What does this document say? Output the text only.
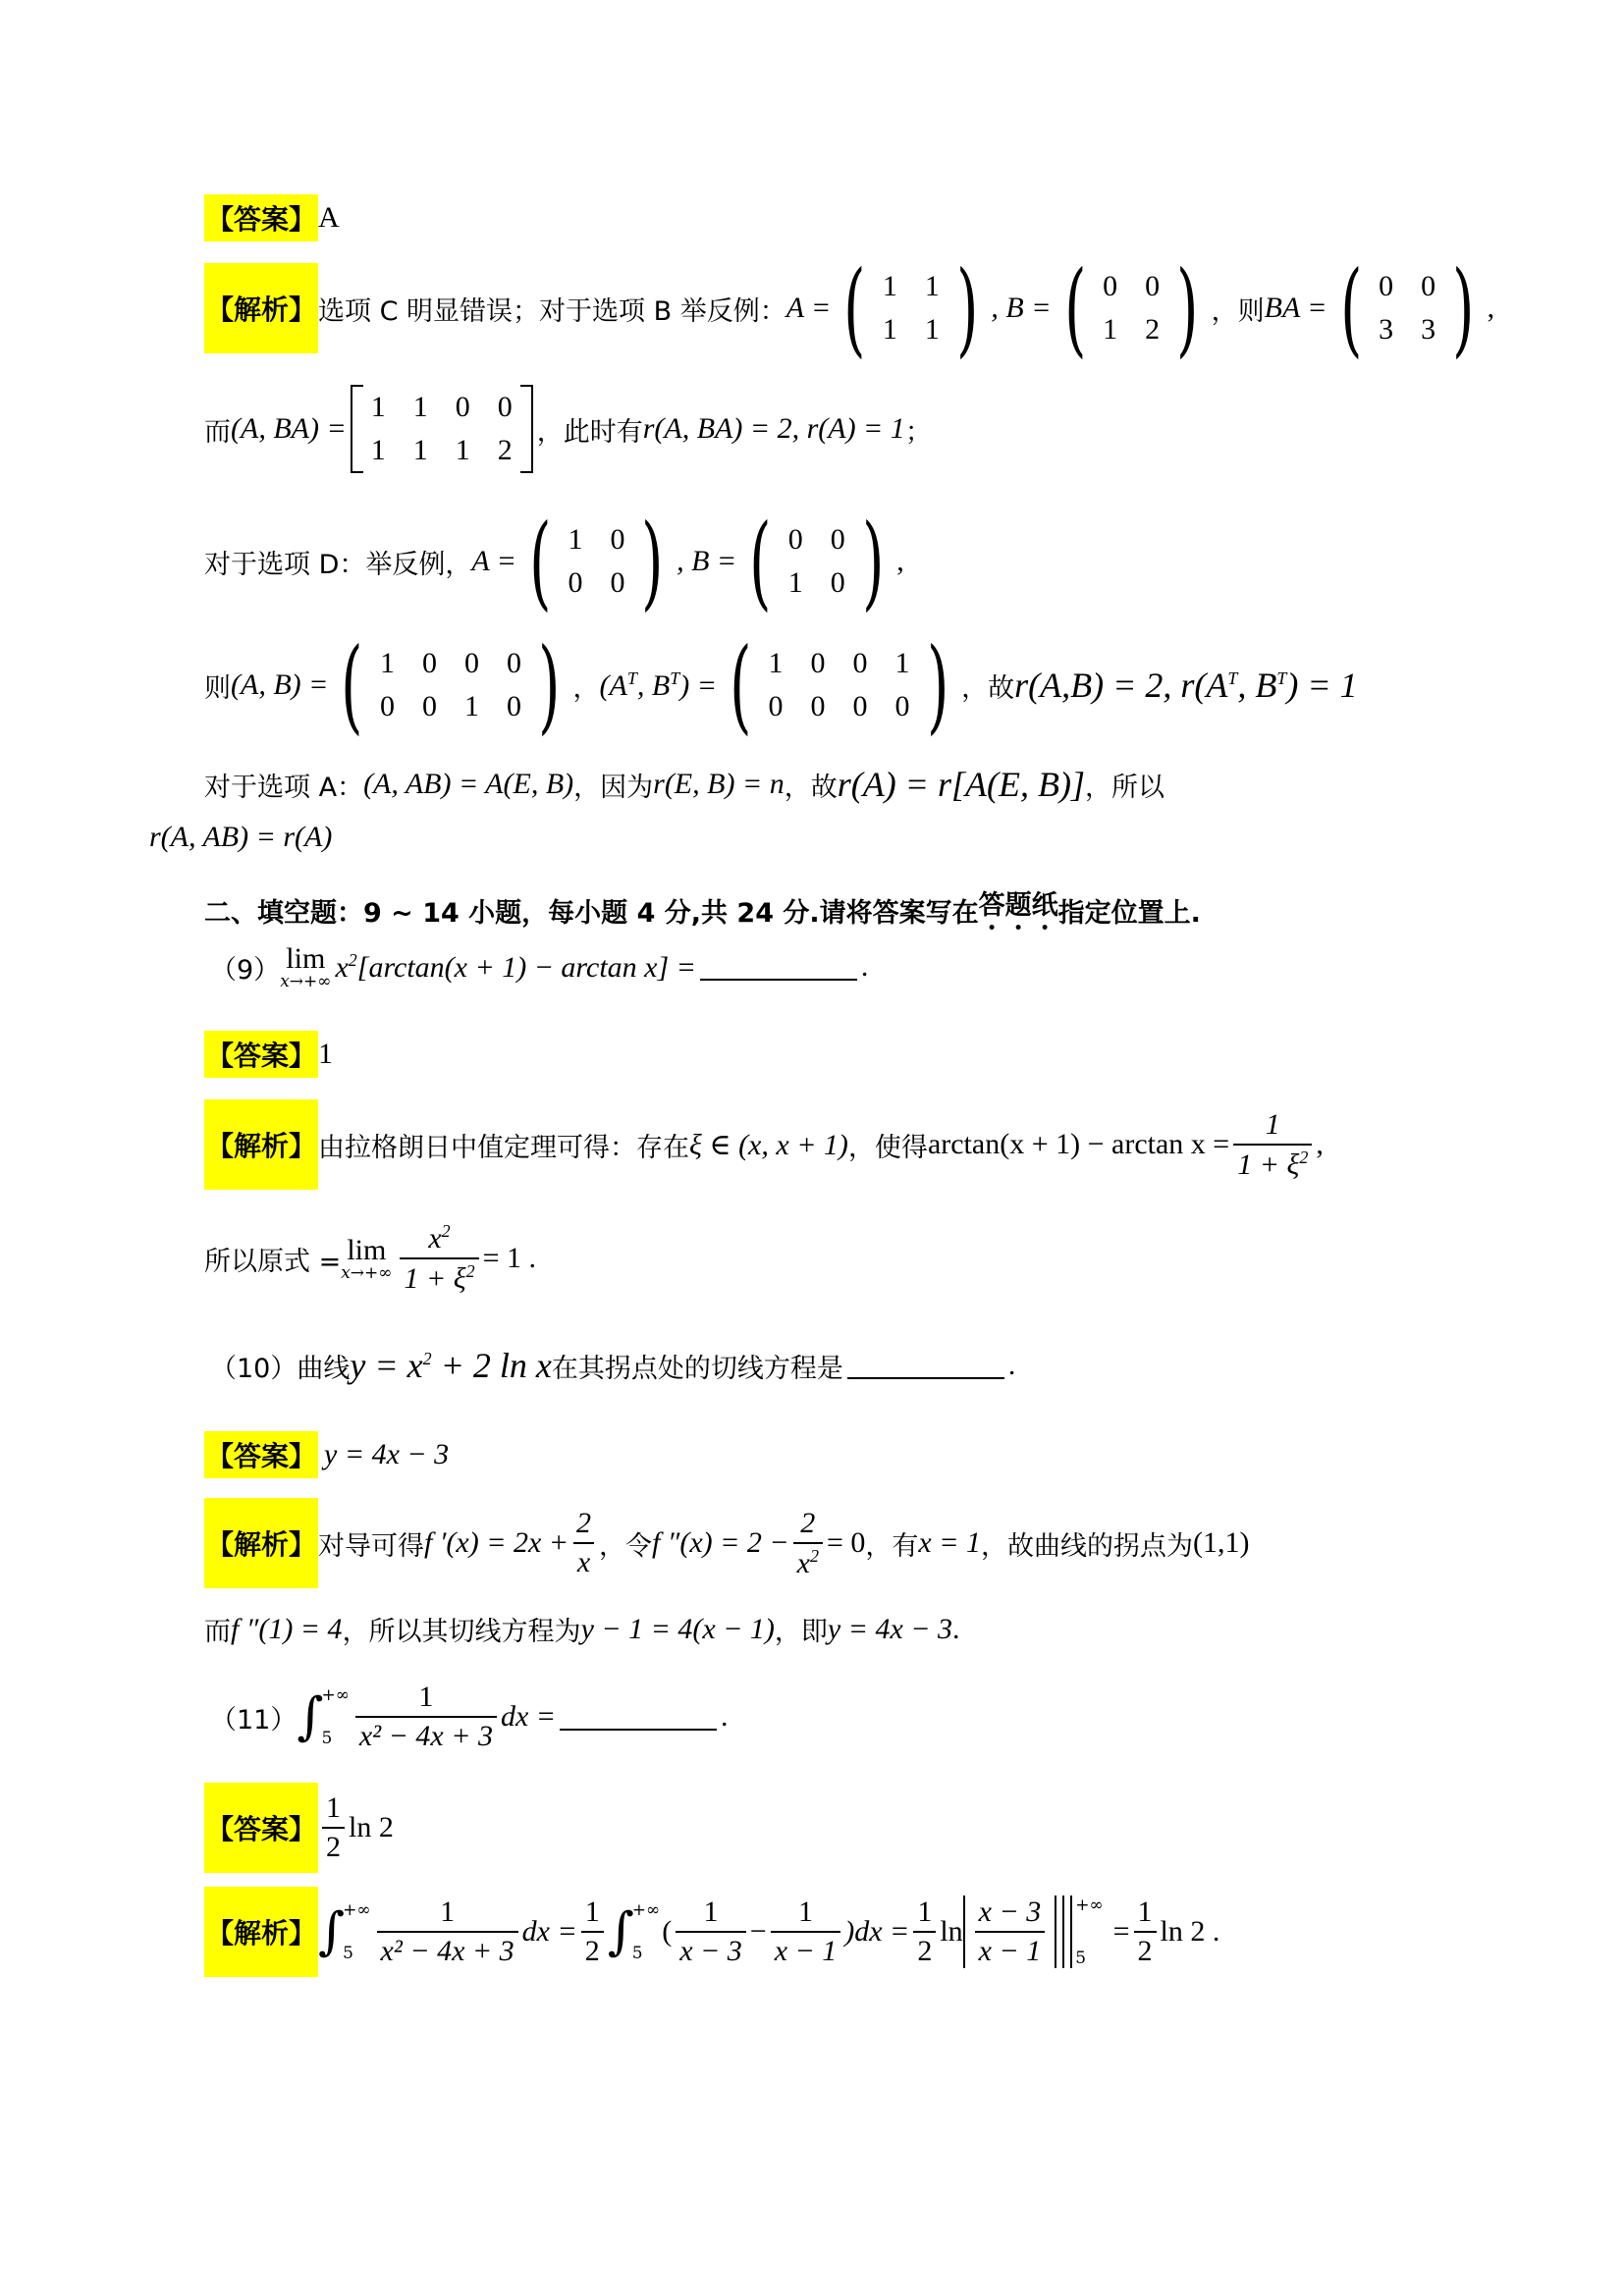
【答案】 A
【解析】 选项 C 明显错误；对于选项 B 举反例： A = ( 1 1
1 1 ) , B = ( 0 0
1 2 ) ，则 BA = ( 0 0
3 3 ) ,
而 (A, BA) =
1 1 0 0
1 1 1 2
，此时有 r(A, BA) = 2, r(A) = 1 ；
对于选项 D：举反例， A = ( 1 0
0 0 ) , B = ( 0 0
1 0 ) ,
则 (A, B) = ( 1 0 0 0
0 0 1 0 ) ， ($A^T$, $B^T$) = ( 1 0 0 1
0 0 0 0 ) ，故 r(A,B) = 2, $r(A^T$, $B^T) = 1$
对于选项 A： (A, AB) = A(E, B) ，因为 r(E, B) = n ，故 r(A) = r[A(E, B)] ，所以
r(A, AB) = r(A)
二、填空题：9 ~ 14 小题，每小题 4 分,共 24 分.请将答案写在 答题纸 指定位置上.
（9） lim
x→+∞ $x^2[\arctan(x + 1) - \arctan x]$ =	.
【答案】 1
【解析】 由拉格朗日中值定理可得：存在 ξ ∈ (x, x + 1) ，使得 $\arctan(x + 1) - \arctan x = \frac{1}{1 + \xi^2}$ ,
所以原式 = lim
$x\to+\infty \frac{x^2}{1 + \xi^2} = 1$ .
（10）曲线 $y = x^2 + 2$ ln x 在其拐点处的切线方程是	.
【答案】 y = 4x − 3
【解析】 对导可得 f $'(x) = 2x + \frac{2}{x}$ ，令 f $''(x) = 2 - \frac{2}{x^2} = 0$ ，有 x = 1 ，故曲线的拐点为 (1,1)
而 f ″(1) = 4 ，所以其切线方程为 y − 1 = 4(x − 1) ，即 y = 4x − 3 .
（11） ∫
+∞
$5 \frac{1}{\text{x² − 4x + 3}}$ dx =	.
【答案】 $\frac{1}{2}$ ln 2
【解析】 ∫
+∞
$5 \frac{1}{\text{x² − 4x + 3}}$ dx = $\frac{1}{2}$ ∫
+∞
5
( $\frac{1}{x - 3} - \frac{1}{x - 1} )dx = \frac{1}{2}$ $\ln \frac{x - 3}{x - 1}$ +∞
5
= $\frac{1}{2}$ ln 2 .
